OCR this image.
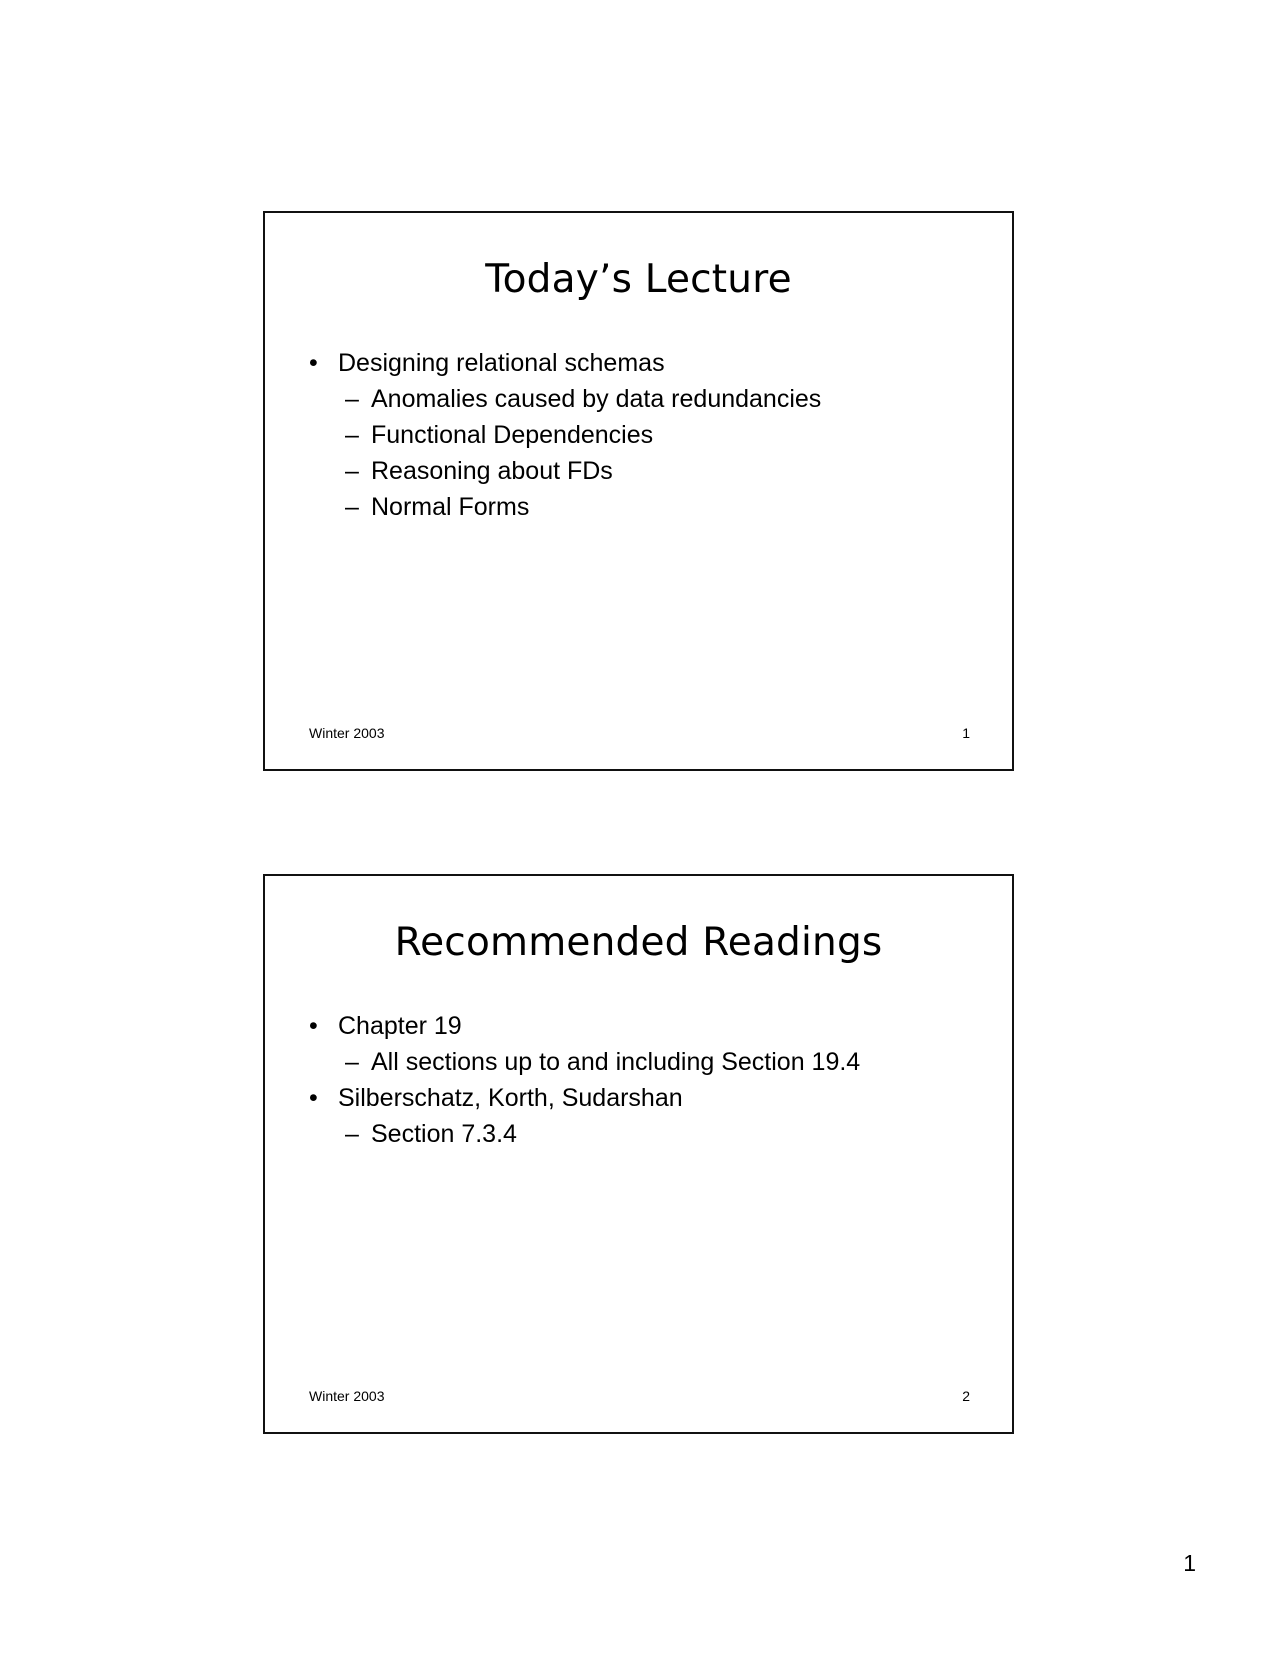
Today’s Lecture
• Designing relational schemas
– Anomalies caused by data redundancies
– Functional Dependencies
– Reasoning about FDs
– Normal Forms
Winter 2003	1
Recommended Readings
• Chapter 19
– All sections up to and including Section 19.4
• Silberschatz, Korth, Sudarshan
– Section 7.3.4
Winter 2003	2
1
